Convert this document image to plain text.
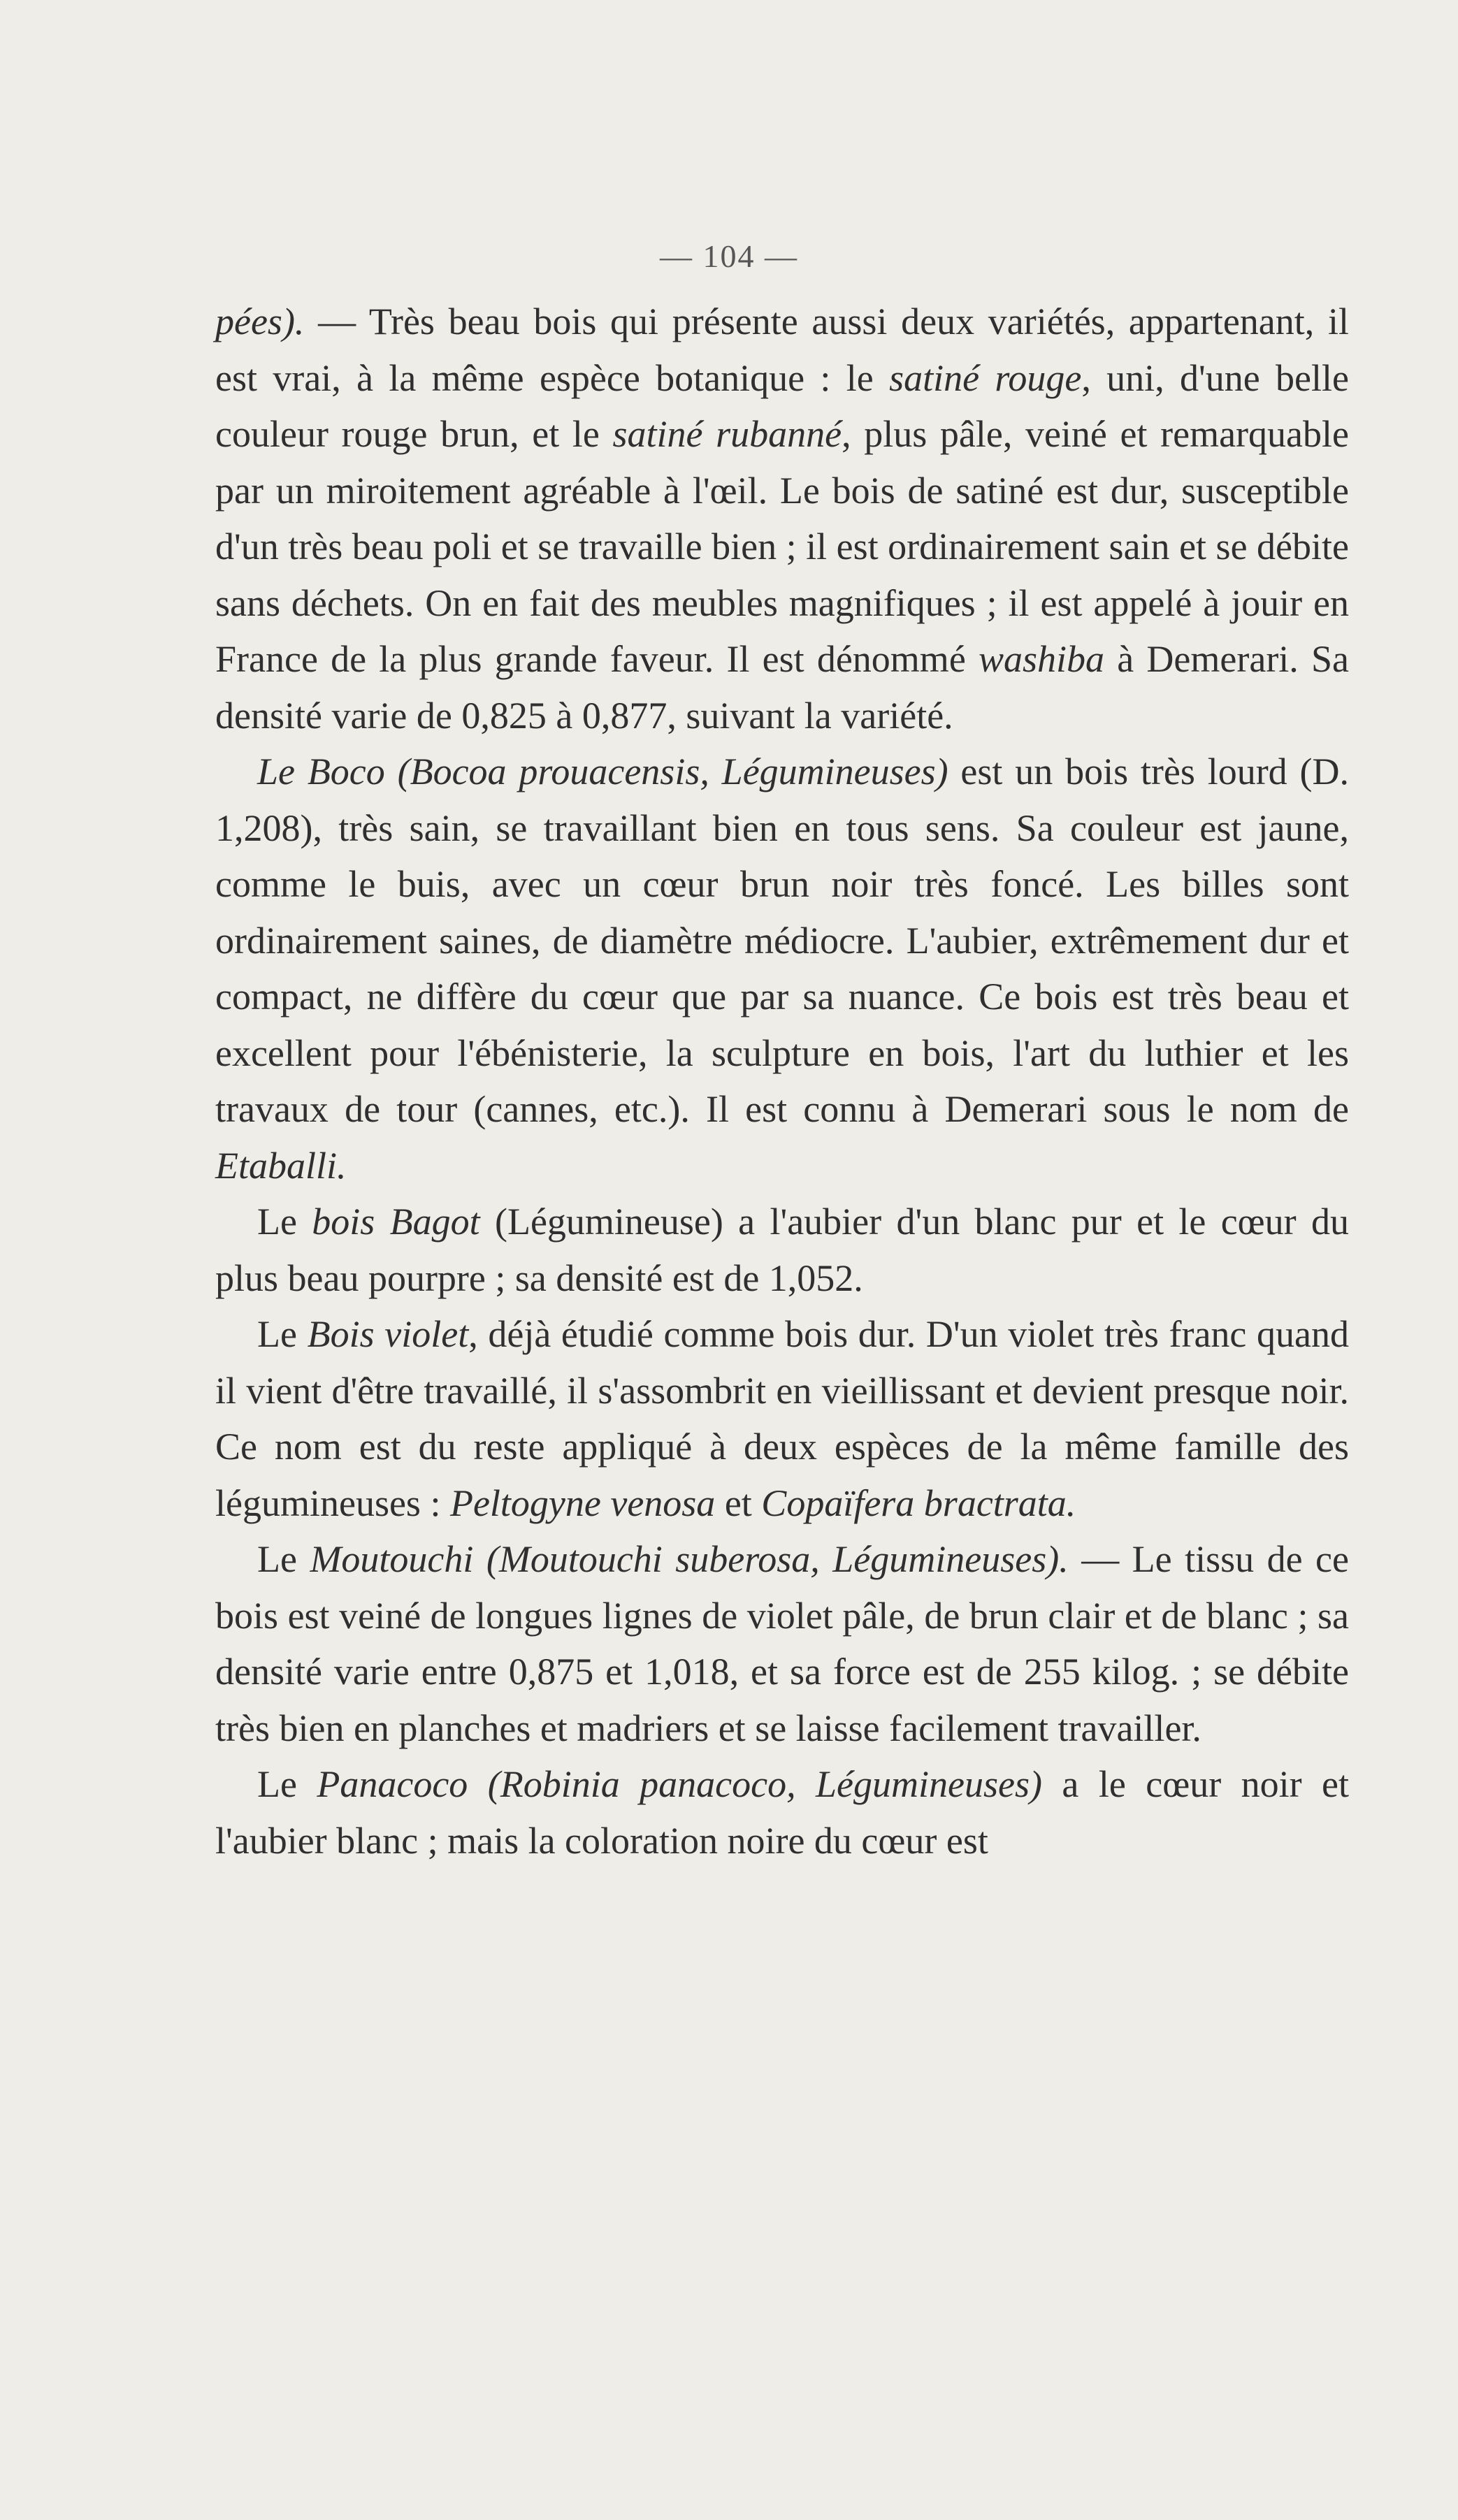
— 104 —

pées). — Très beau bois qui présente aussi deux variétés, appartenant, il est vrai, à la même espèce botanique : le satiné rouge, uni, d'une belle couleur rouge brun, et le satiné rubanné, plus pâle, veiné et remarquable par un miroitement agréable à l'œil. Le bois de satiné est dur, susceptible d'un très beau poli et se travaille bien ; il est ordinairement sain et se débite sans déchets. On en fait des meubles magnifiques ; il est appelé à jouir en France de la plus grande faveur. Il est dénommé washiba à Demerari. Sa densité varie de 0,825 à 0,877, suivant la variété.

Le Boco (Bocoa prouacensis, Légumineuses) est un bois très lourd (D. 1,208), très sain, se travaillant bien en tous sens. Sa couleur est jaune, comme le buis, avec un cœur brun noir très foncé. Les billes sont ordinairement saines, de diamètre médiocre. L'aubier, extrêmement dur et compact, ne diffère du cœur que par sa nuance. Ce bois est très beau et excellent pour l'ébénisterie, la sculpture en bois, l'art du luthier et les travaux de tour (cannes, etc.). Il est connu à Demerari sous le nom de Etaballi.

Le bois Bagot (Légumineuse) a l'aubier d'un blanc pur et le cœur du plus beau pourpre ; sa densité est de 1,052.

Le Bois violet, déjà étudié comme bois dur. D'un violet très franc quand il vient d'être travaillé, il s'assombrit en vieillissant et devient presque noir. Ce nom est du reste appliqué à deux espèces de la même famille des légumineuses : Peltogyne venosa et Copaïfera bractrata.

Le Moutouchi (Moutouchi suberosa, Légumineuses). — Le tissu de ce bois est veiné de longues lignes de violet pâle, de brun clair et de blanc ; sa densité varie entre 0,875 et 1,018, et sa force est de 255 kilog. ; se débite très bien en planches et madriers et se laisse facilement travailler.

Le Panacoco (Robinia panacoco, Légumineuses) a le cœur noir et l'aubier blanc ; mais la coloration noire du cœur est
